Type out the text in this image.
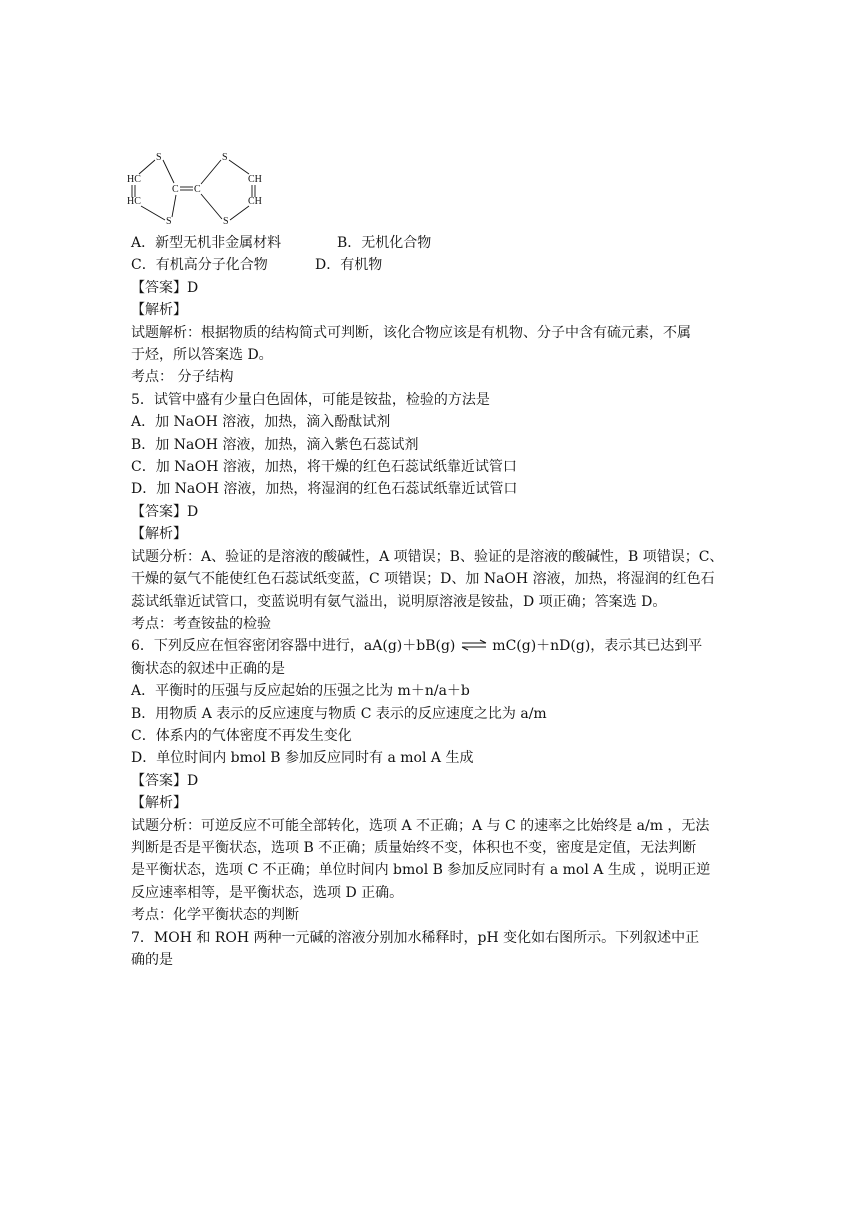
S
S
HC
HC
C C
S
S
CH
CH
A．新型无机非金属材料	B．无机化合物
C．有机高分子化合物	D．有机物
【答案】D
【解析】
试题解析：根据物质的结构简式可判断，该化合物应该是有机物、分子中含有硫元素，不属
于烃，所以答案选 D。
考点： 分子结构
5．试管中盛有少量白色固体，可能是铵盐，检验的方法是
A．加 NaOH 溶液，加热，滴入酚酞试剂
B．加 NaOH 溶液，加热，滴入紫色石蕊试剂
C．加 NaOH 溶液，加热，将干燥的红色石蕊试纸靠近试管口
D．加 NaOH 溶液，加热，将湿润的红色石蕊试纸靠近试管口
【答案】D
【解析】
试题分析：A、验证的是溶液的酸碱性，A 项错误；B、验证的是溶液的酸碱性，B 项错误；C、
干燥的氨气不能使红色石蕊试纸变蓝，C 项错误；D、加 NaOH 溶液，加热，将湿润的红色石
蕊试纸靠近试管口，变蓝说明有氨气溢出，说明原溶液是铵盐，D 项正确；答案选 D。
考点：考查铵盐的检验
6．下列反应在恒容密闭容器中进行，aA(g)＋bB(g) ⇌ mC(g)＋nD(g)，表示其已达到平
衡状态的叙述中正确的是
A．平衡时的压强与反应起始的压强之比为 m＋n/a＋b
B．用物质 A 表示的反应速度与物质 C 表示的反应速度之比为 a/m
C．体系内的气体密度不再发生变化
D．单位时间内 bmol B 参加反应同时有 a mol A 生成
【答案】D
【解析】
试题分析：可逆反应不可能全部转化，选项 A 不正确；A 与 C 的速率之比始终是 a/m ，无法
判断是否是平衡状态，选项 B 不正确；质量始终不变，体积也不变，密度是定值，无法判断
是平衡状态，选项 C 不正确；单位时间内 bmol B 参加反应同时有 a mol A 生成 ，说明正逆
反应速率相等，是平衡状态，选项 D 正确。
考点：化学平衡状态的判断
7．MOH 和 ROH 两种一元碱的溶液分别加水稀释时，pH 变化如右图所示。下列叙述中正
确的是
